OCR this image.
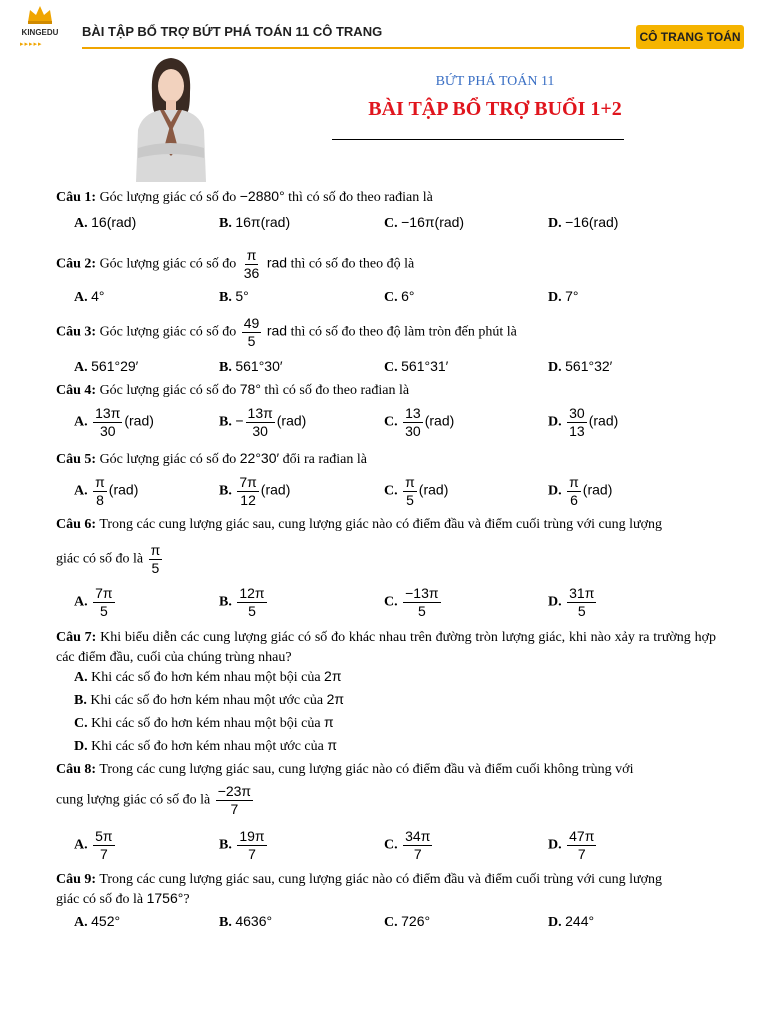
KINGEDU
▸▸▸▸▸
BÀI TẬP BỔ TRỢ BỨT PHÁ TOÁN 11 CÔ TRANG	CÔ TRANG TOÁN
BỨT PHÁ TOÁN 11
BÀI TẬP BỔ TRỢ BUỔI 1+2
Câu 1: Góc lượng giác có số đo −2880° thì có số đo theo rađian là
A. 16(rad)	B. 16π(rad)	C. −16π(rad)	D. −16(rad)
Câu 2: Góc lượng giác có số đo $\frac{\pi}{36}$ rad thì có số đo theo độ là
A. 4°	B. 5°	C. 6°	D. 7°
Câu 3: Góc lượng giác có số đo $\frac{49}{5}$ rad thì có số đo theo độ làm tròn đến phút là
A. 561°29′	B. 561°30′	C. 561°31′	D. 561°32′
Câu 4: Góc lượng giác có số đo 78° thì có số đo theo rađian là
A. $\frac{13\pi}{30} (rad)$	B. − $\frac{13\pi}{30} (rad)$	C. $\frac{13}{30} (rad)$	D. $\frac{30}{13} (rad)$
Câu 5: Góc lượng giác có số đo 22°30′ đổi ra rađian là
A. $\frac{\pi}{8} (rad)$	B. $\frac{7\pi}{12} (rad)$	C. $\frac{\pi}{5} (rad)$	D. $\frac{\pi}{6} (rad)$
Câu 6: Trong các cung lượng giác sau, cung lượng giác nào có điểm đầu và điểm cuối trùng với cung lượng
giác có số đo là $\frac{\pi}{5}$
A. $\frac{7\pi}{5}$	B. $\frac{12\pi}{5}$	C. $\frac{-13\pi}{5}$	D. $\frac{31\pi}{5}$
Câu 7: Khi biểu diễn các cung lượng giác có số đo khác nhau trên đường tròn lượng giác, khi nào xảy ra trường hợp các điểm đầu, cuối của chúng trùng nhau?
A. Khi các số đo hơn kém nhau một bội của 2π
B. Khi các số đo hơn kém nhau một ước của 2π
C. Khi các số đo hơn kém nhau một bội của π
D. Khi các số đo hơn kém nhau một ước của π
Câu 8: Trong các cung lượng giác sau, cung lượng giác nào có điểm đầu và điểm cuối không trùng với
cung lượng giác có số đo là $\frac{-23\pi}{7}$
A. $\frac{5\pi}{7}$	B. $\frac{19\pi}{7}$	C. $\frac{34\pi}{7}$	D. $\frac{47\pi}{7}$
Câu 9: Trong các cung lượng giác sau, cung lượng giác nào có điểm đầu và điểm cuối trùng với cung lượng
giác có số đo là 1756°?
A. 452°	B. 4636°	C. 726°	D. 244°
